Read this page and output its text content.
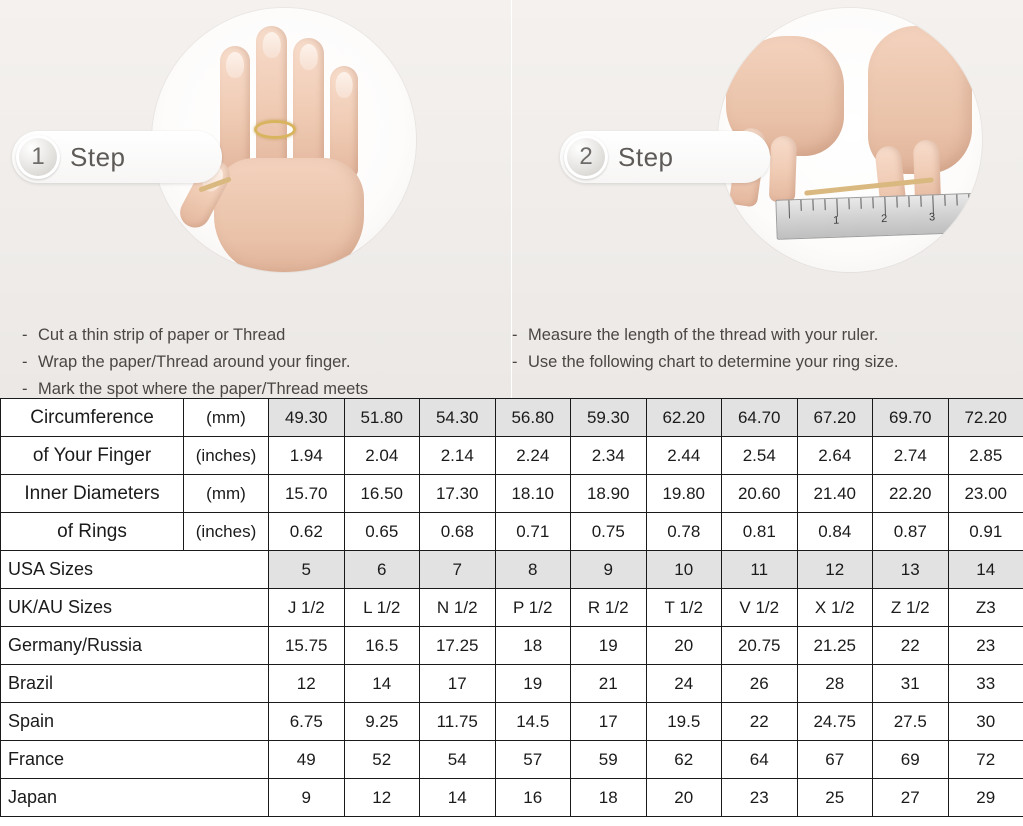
1	2	3
1 Step	2 Step
- Cut a thin strip of paper or Thread
- Wrap the paper/Thread around your finger.
- Mark the spot where the paper/Thread meets
- Measure the length of the thread with your ruler.
- Use the following chart to determine your ring size.
Circumference	(mm)	49.30	51.80	54.30	56.80	59.30	62.20	64.70	67.20	69.70	72.20
of Your Finger	(inches)	1.94	2.04	2.14	2.24	2.34	2.44	2.54	2.64	2.74	2.85
Inner Diameters	(mm)	15.70	16.50	17.30	18.10	18.90	19.80	20.60	21.40	22.20	23.00
of Rings	(inches)	0.62	0.65	0.68	0.71	0.75	0.78	0.81	0.84	0.87	0.91
USA Sizes		5	6	7	8	9	10	11	12	13	14
UK/AU Sizes		J 1/2	L 1/2	N 1/2	P 1/2	R 1/2	T 1/2	V 1/2	X 1/2	Z 1/2	Z3
Germany/Russia		15.75	16.5	17.25	18	19	20	20.75	21.25	22	23
Brazil		12	14	17	19	21	24	26	28	31	33
Spain		6.75	9.25	11.75	14.5	17	19.5	22	24.75	27.5	30
France		49	52	54	57	59	62	64	67	69	72
Japan		9	12	14	16	18	20	23	25	27	29
